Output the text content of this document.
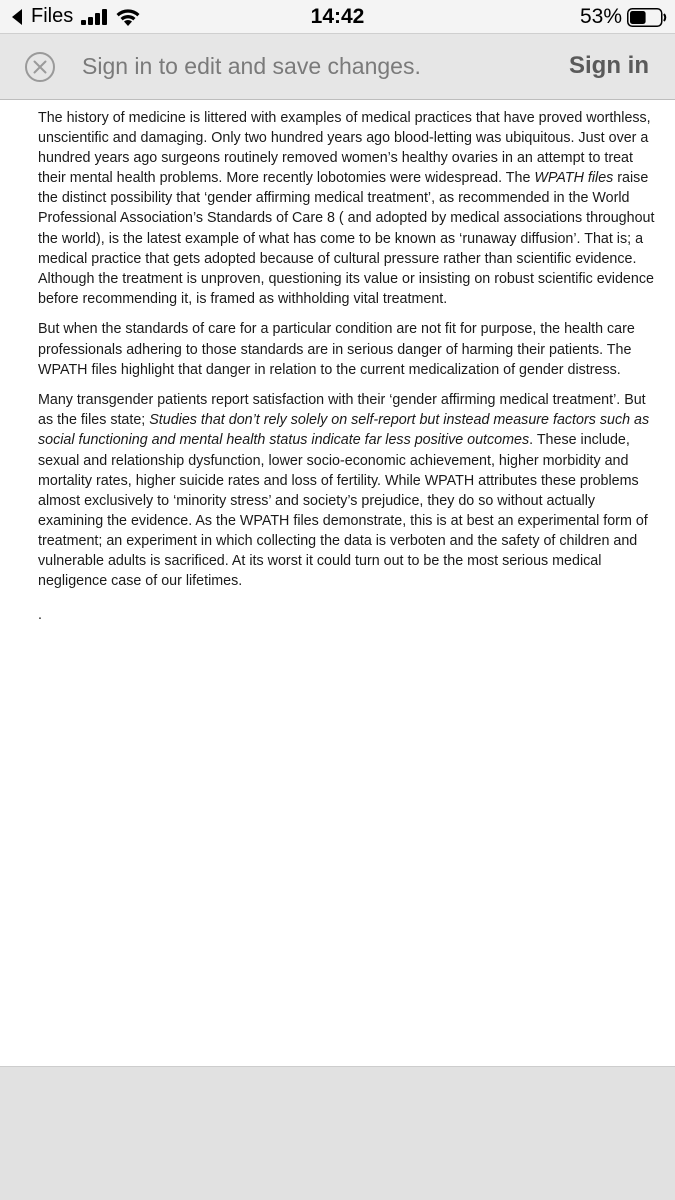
Files	14:42	53%
Sign in to edit and save changes.	Sign in

The history of medicine is littered with examples of medical practices that have proved worthless, unscientific and damaging. Only two hundred years ago blood-letting was ubiquitous. Just over a hundred years ago surgeons routinely removed women’s healthy ovaries in an attempt to treat their mental health problems. More recently lobotomies were widespread. The WPATH files raise the distinct possibility that ‘gender affirming medical treatment’, as recommended in the World Professional Association’s Standards of Care 8 ( and adopted by medical associations throughout the world), is the latest example of what has come to be known as ‘runaway diffusion’. That is; a medical practice that gets adopted because of cultural pressure rather than scientific evidence. Although the treatment is unproven, questioning its value or insisting on robust scientific evidence before recommending it, is framed as withholding vital treatment.

But when the standards of care for a particular condition are not fit for purpose, the health care professionals adhering to those standards are in serious danger of harming their patients. The WPATH files highlight that danger in relation to the current medicalization of gender distress.

Many transgender patients report satisfaction with their ‘gender affirming medical treatment’. But as the files state; Studies that don’t rely solely on self-report but instead measure factors such as social functioning and mental health status indicate far less positive outcomes. These include, sexual and relationship dysfunction, lower socio-economic achievement, higher morbidity and mortality rates, higher suicide rates and loss of fertility. While WPATH attributes these problems almost exclusively to ‘minority stress’ and society’s prejudice, they do so without actually examining the evidence. As the WPATH files demonstrate, this is at best an experimental form of treatment; an experiment in which collecting the data is verboten and the safety of children and vulnerable adults is sacrificed. At its worst it could turn out to be the most serious medical negligence case of our lifetimes.

.
